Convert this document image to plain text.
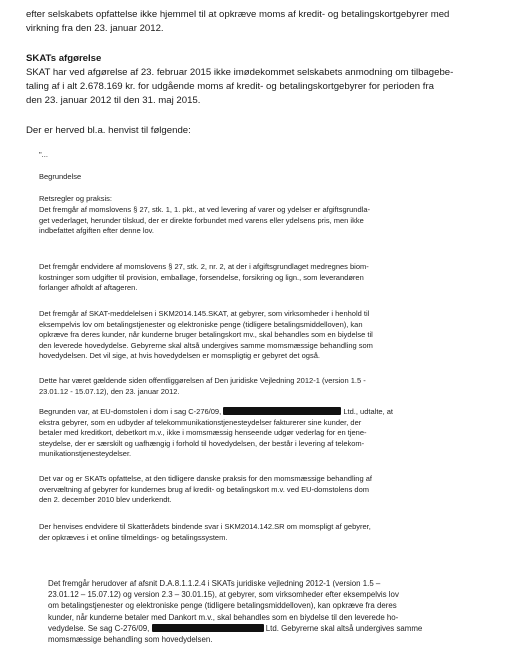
efter selskabets opfattelse ikke hjemmel til at opkræve moms af kredit- og betalingskortgebyrer med

virkning fra den 23. januar 2012.

SKATs afgørelse

SKAT har ved afgørelse af 23. februar 2015 ikke imødekommet selskabets anmodning om tilbagebe-

taling af i alt 2.678.169 kr. for udgående moms af kredit- og betalingskortgebyrer for perioden fra

den 23. januar 2012 til den 31. maj 2015.

Der er herved bl.a. henvist til følgende:

"...

Begrundelse

Retsregler og praksis:

Det fremgår af momslovens § 27, stk. 1, 1. pkt., at ved levering af varer og ydelser er afgiftsgrundla-

get vederlaget, herunder tilskud, der er direkte forbundet med varens eller ydelsens pris, men ikke

indbefattet afgiften efter denne lov.

Det fremgår endvidere af momslovens § 27, stk. 2, nr. 2, at der i afgiftsgrundlaget medregnes biom-

kostninger som udgifter til provision, emballage, forsendelse, forsikring og lign., som leverandøren

forlanger afholdt af aftageren.

Det fremgår af SKAT-meddelelsen i SKM2014.145.SKAT, at gebyrer, som virksomheder i henhold til

eksempelvis lov om betalingstjenester og elektroniske penge (tidligere betalingsmiddelloven), kan

opkræve fra deres kunder, når kunderne bruger betalingskort mv., skal behandles som en biydelse til

den leverede hovedydelse. Gebyrerne skal altså undergives samme momsmæssige behandling som

hovedydelsen. Det vil sige, at hvis hovedydelsen er momspligtig er gebyret det også.

Dette har været gældende siden offentliggørelsen af Den juridiske Vejledning 2012-1 (version 1.5 -

23.01.12 - 15.07.12), den 23. januar 2012.

Begrunden var, at EU-domstolen i dom i sag C-276/09,	Ltd., udtalte, at

ekstra gebyrer, som en udbyder af telekommunikationstjenesteydelser fakturerer sine kunder, der

betaler med kreditkort, debetkort m.v., ikke i momsmæssig henseende udgør vederlag for en tjene-

steydelse, der er særskilt og uafhængig i forhold til hovedydelsen, der består i levering af telekom-

munikationstjenesteydelser.

Det var og er SKATs opfattelse, at den tidligere danske praksis for den momsmæssige behandling af

overvæltning af gebyrer for kundernes brug af kredit- og betalingskort m.v. ved EU-domstolens dom

den 2. december 2010 blev underkendt.

Der henvises endvidere til Skatterådets bindende svar i SKM2014.142.SR om momspligt af gebyrer,

der opkræves i et online tilmeldings- og betalingssystem.

Det fremgår herudover af afsnit D.A.8.1.1.2.4 i SKATs juridiske vejledning 2012-1 (version 1.5 –

23.01.12 – 15.07.12) og version 2.3 – 30.01.15), at gebyrer, som virksomheder efter eksempelvis lov

om betalingstjenester og elektroniske penge (tidligere betalingsmiddelloven), kan opkræve fra deres

kunder, når kunderne betaler med Dankort m.v., skal behandles som en biydelse til den leverede ho-

vedydelse. Se sag C-276/09,	Ltd. Gebyrerne skal altså undergives samme

momsmæssige behandling som hovedydelsen.
